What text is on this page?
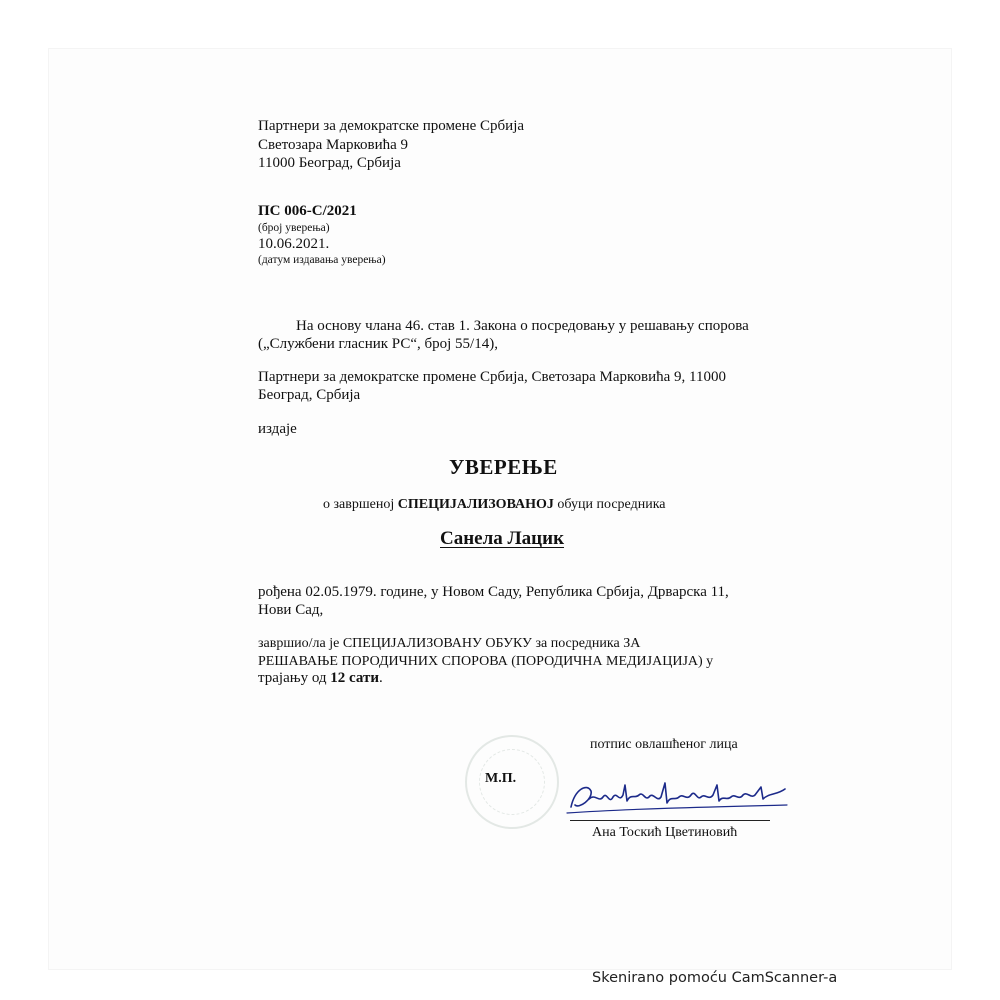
Партнери за демократске промене Србија
Светозара Марковића 9
11000 Београд, Србија
ПС 006-С/2021
(број уверења)
10.06.2021.
(датум издавања уверења)
На основу члана 46. став 1. Закона о посредовању у решавању спорова
(„Службени гласник РС“, број 55/14),
Партнери за демократске промене Србија, Светозара Марковића 9, 11000
Београд, Србија
издаје
УВЕРЕЊЕ
о завршеној СПЕЦИЈАЛИЗОВАНОЈ обуци посредника
Санела Лацик
рођена 02.05.1979. године, у Новом Саду, Република Србија, Дрварска 11,
Нови Сад,
завршио/ла је СПЕЦИЈАЛИЗОВАНУ ОБУКУ за посредника ЗА
РЕШАВАЊЕ ПОРОДИЧНИХ СПОРОВА (ПОРОДИЧНА МЕДИЈАЦИЈА) у
трајању од 12 сати.
потпис овлашћеног лица
М.П.
Ана Тоскић Цветиновић
Skenirano pomoću CamScanner-a
